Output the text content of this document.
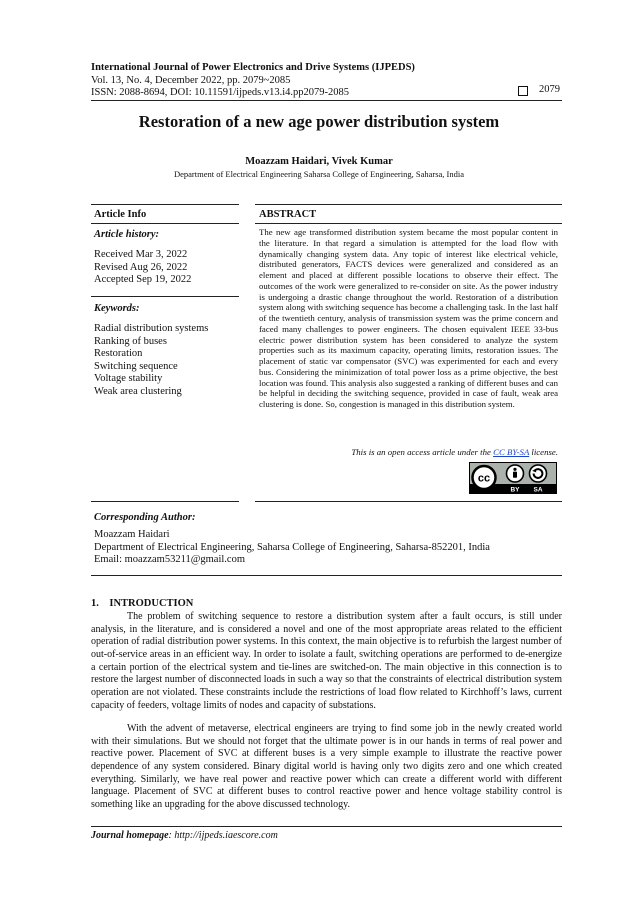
International Journal of Power Electronics and Drive Systems (IJPEDS)
Vol. 13, No. 4, December 2022, pp. 2079~2085
ISSN: 2088-8694, DOI: 10.11591/ijpeds.v13.i4.pp2079-2085	2079
Restoration of a new age power distribution system
Moazzam Haidari, Vivek Kumar
Department of Electrical Engineering Saharsa College of Engineering, Saharsa, India
Article Info	ABSTRACT
Article history:
Received Mar 3, 2022
Revised Aug 26, 2022
Accepted Sep 19, 2022
Keywords:
Radial distribution systems
Ranking of buses
Restoration
Switching sequence
Voltage stability
Weak area clustering
The new age transformed distribution system became the most popular content in the literature. In that regard a simulation is attempted for the load flow with dynamically changing system data. Any topic of interest like electrical vehicle, distributed generators, FACTS devices were generalized and considered as an element and placed at different possible locations to observe their effect. The outcomes of the work were generalized to re-consider on site. As the power industry is undergoing a drastic change throughout the world. Restoration of a distribution system along with switching sequence has become a challenging task. In the last half of the twentieth century, analysis of transmission system was the prime concern and faced many challenges to power engineers. The chosen equivalent IEEE 33-bus electric power distribution system has been considered to analyze the system properties such as its maximum capacity, operating limits, restoration issues. The placement of static var compensator (SVC) was experimented for each and every bus. Considering the minimization of total power loss as a prime objective, the best location was found. This analysis also suggested a ranking of different buses and can be helpful in deciding the switching sequence, provided in case of fault, weak area clustering is done. So, congestion is managed in this distribution system.
This is an open access article under the CC BY-SA license.
cc
BY SA
Corresponding Author:
Moazzam Haidari
Department of Electrical Engineering, Saharsa College of Engineering, Saharsa-852201, India
Email: moazzam53211@gmail.com
1.    INTRODUCTION
The problem of switching sequence to restore a distribution system after a fault occurs, is still under analysis, in the literature, and is considered a novel and one of the most appropriate areas related to the efficient operation of radial distribution power systems. In this context, the main objective is to refurbish the largest number of out-of-service areas in an efficient way. In order to isolate a fault, switching operations are performed to de-energize a certain portion of the electrical system and tie-lines are switched-on. The main objective in this connection is to restore the largest number of disconnected loads in such a way so that the constraints of electrical distribution system operation are not violated. These constraints include the restrictions of load flow related to Kirchhoff’s laws, current capacity of feeders, voltage limits of nodes and capacity of substations.
With the advent of metaverse, electrical engineers are trying to find some job in the newly created world with their simulations. But we should not forget that the ultimate power is in our hands in terms of real power and reactive power. Placement of SVC at different buses is a very simple example to illustrate the reactive power dependence of any system considered. Binary digital world is having only two digits zero and one which created everything. Similarly, we have real power and reactive power which can create a different world with different language. Placement of SVC at different buses to control reactive power and hence voltage stability control is something like an upgrading for the above discussed technology.
Journal homepage: http://ijpeds.iaescore.com
